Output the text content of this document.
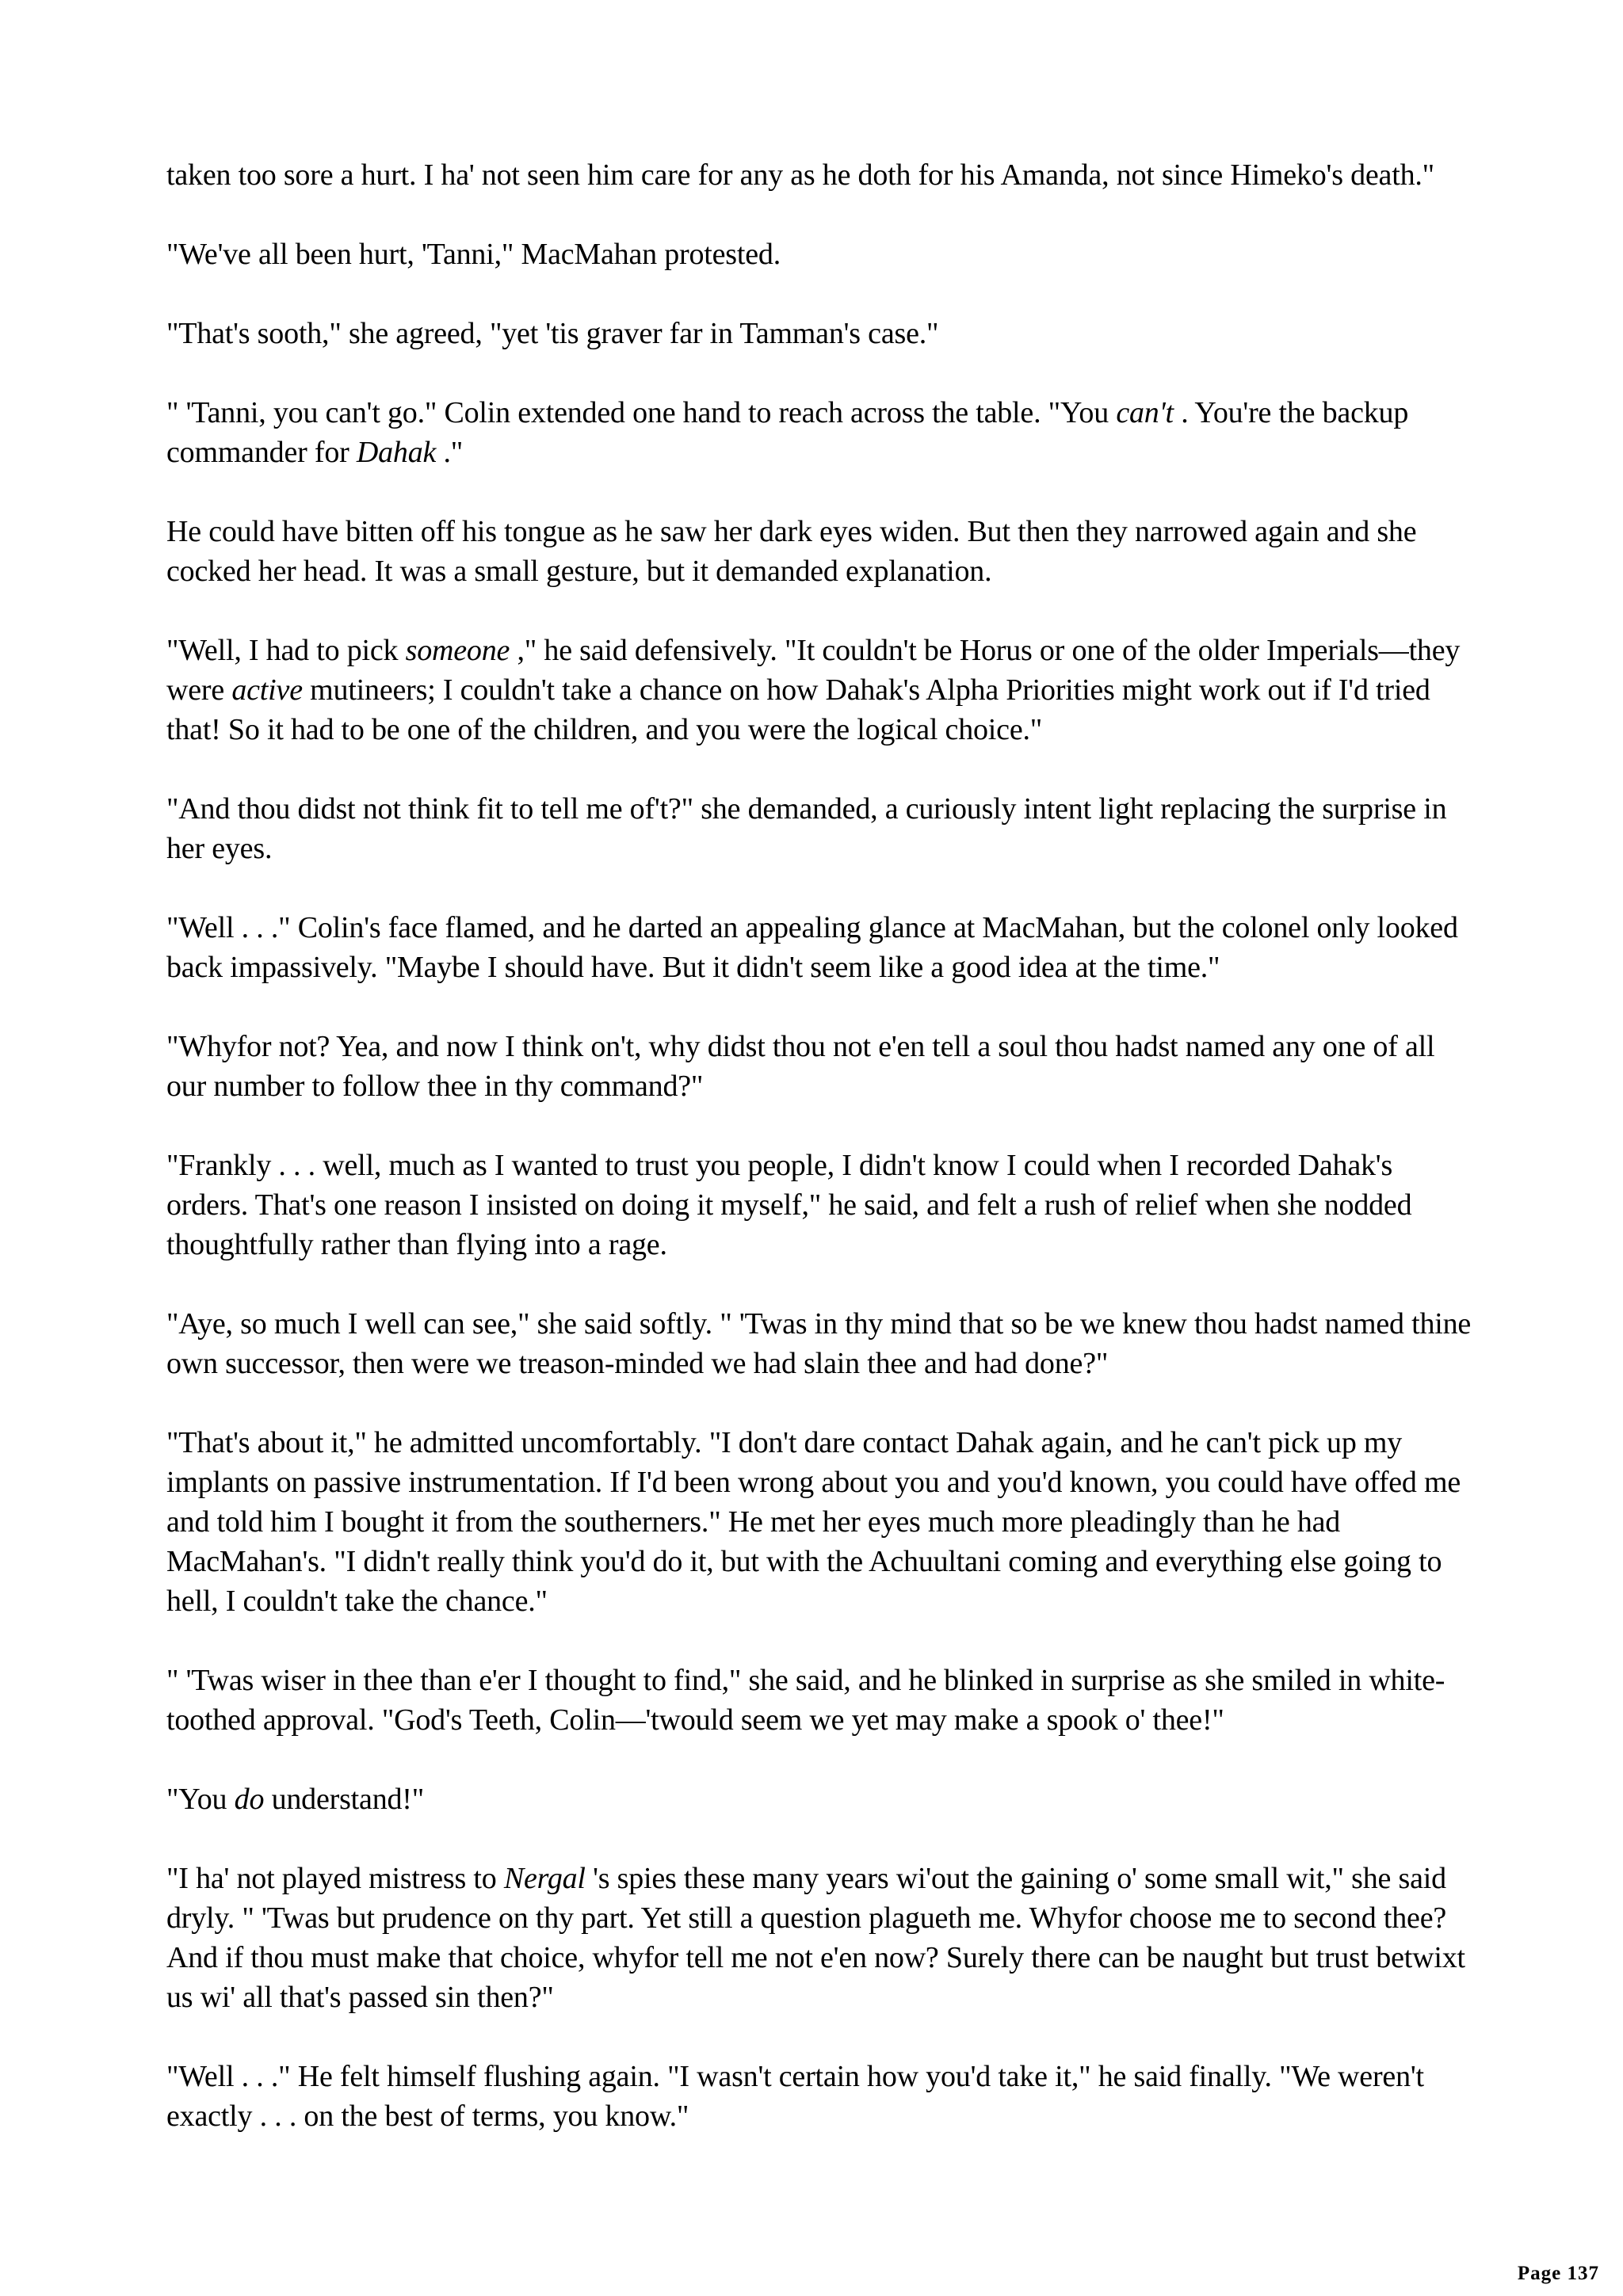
taken too sore a hurt. I ha' not seen him care for any as he doth for his Amanda, not since Himeko's death."

"We've all been hurt, 'Tanni," MacMahan protested.

"That's sooth," she agreed, "yet 'tis graver far in Tamman's case."

" 'Tanni, you can't go." Colin extended one hand to reach across the table. "You can't . You're the backup commander for Dahak ."

He could have bitten off his tongue as he saw her dark eyes widen. But then they narrowed again and she cocked her head. It was a small gesture, but it demanded explanation.

"Well, I had to pick someone ," he said defensively. "It couldn't be Horus or one of the older Imperials—they were active mutineers; I couldn't take a chance on how Dahak's Alpha Priorities might work out if I'd tried that! So it had to be one of the children, and you were the logical choice."

"And thou didst not think fit to tell me of't?" she demanded, a curiously intent light replacing the surprise in her eyes.

"Well . . ." Colin's face flamed, and he darted an appealing glance at MacMahan, but the colonel only looked back impassively. "Maybe I should have. But it didn't seem like a good idea at the time."

"Whyfor not? Yea, and now I think on't, why didst thou not e'en tell a soul thou hadst named any one of all our number to follow thee in thy command?"

"Frankly . . . well, much as I wanted to trust you people, I didn't know I could when I recorded Dahak's orders. That's one reason I insisted on doing it myself," he said, and felt a rush of relief when she nodded thoughtfully rather than flying into a rage.

"Aye, so much I well can see," she said softly. " 'Twas in thy mind that so be we knew thou hadst named thine own successor, then were we treason-minded we had slain thee and had done?"

"That's about it," he admitted uncomfortably. "I don't dare contact Dahak again, and he can't pick up my implants on passive instrumentation. If I'd been wrong about you and you'd known, you could have offed me and told him I bought it from the southerners." He met her eyes much more pleadingly than he had MacMahan's. "I didn't really think you'd do it, but with the Achuultani coming and everything else going to hell, I couldn't take the chance."

" 'Twas wiser in thee than e'er I thought to find," she said, and he blinked in surprise as she smiled in white-toothed approval. "God's Teeth, Colin—'twould seem we yet may make a spook o' thee!"

"You do understand!"

"I ha' not played mistress to Nergal 's spies these many years wi'out the gaining o' some small wit," she said dryly. " 'Twas but prudence on thy part. Yet still a question plagueth me. Whyfor choose me to second thee? And if thou must make that choice, whyfor tell me not e'en now? Surely there can be naught but trust betwixt us wi' all that's passed sin then?"

"Well . . ." He felt himself flushing again. "I wasn't certain how you'd take it," he said finally. "We weren't exactly . . . on the best of terms, you know."

Page 137
